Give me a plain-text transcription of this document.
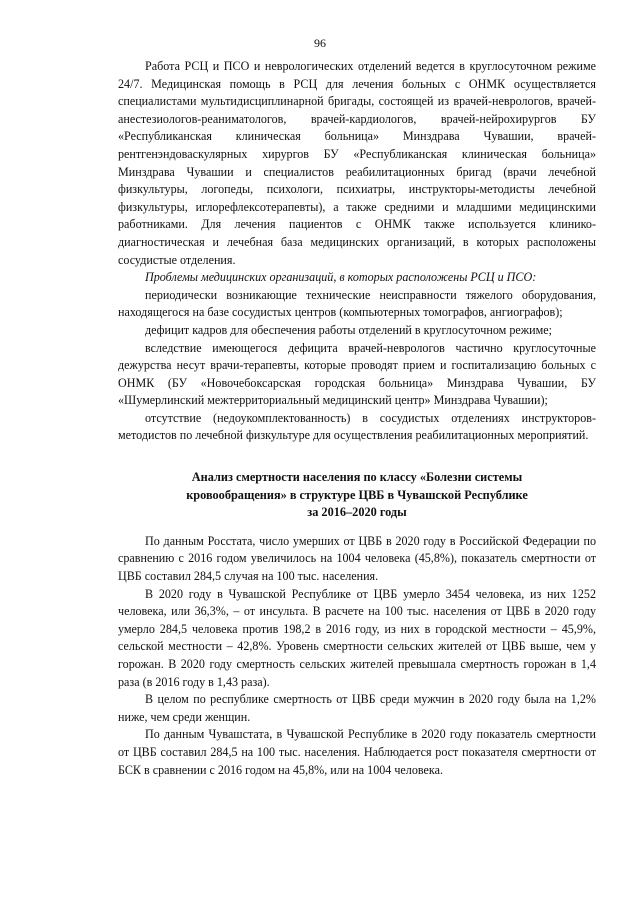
96

Работа РСЦ и ПСО и неврологических отделений ведется в круглосуточном режиме 24/7. Медицинская помощь в РСЦ для лечения больных с ОНМК осуществляется специалистами мультидисциплинарной бригады, состоящей из врачей-неврологов, врачей-анестезиологов-реаниматологов, врачей-кардиологов, врачей-нейрохирургов БУ «Республиканская клиническая больница» Минздрава Чувашии, врачей-рентгенэндоваскулярных хирургов БУ «Республиканская клиническая больница» Минздрава Чувашии и специалистов реабилитационных бригад (врачи лечебной физкультуры, логопеды, психологи, психиатры, инструкторы-методисты лечебной физкультуры, иглорефлексотерапевты), а также средними и младшими медицинскими работниками. Для лечения пациентов с ОНМК также используется клинико-диагностическая и лечебная база медицинских организаций, в которых расположены сосудистые отделения.

Проблемы медицинских организаций, в которых расположены РСЦ и ПСО:

периодически возникающие технические неисправности тяжелого оборудования, находящегося на базе сосудистых центров (компьютерных томографов, ангиографов);

дефицит кадров для обеспечения работы отделений в круглосуточном режиме;

вследствие имеющегося дефицита врачей-неврологов частично круглосуточные дежурства несут врачи-терапевты, которые проводят прием и госпитализацию больных с ОНМК (БУ «Новочебоксарская городская больница» Минздрава Чувашии, БУ «Шумерлинский межтерриториальный медицинский центр» Минздрава Чувашии);

отсутствие (недоукомплектованность) в сосудистых отделениях инструкторов-методистов по лечебной физкультуре для осуществления реабилитационных мероприятий.

Анализ смертности населения по классу «Болезни системы
кровообращения» в структуре ЦВБ в Чувашской Республике
за 2016–2020 годы

По данным Росстата, число умерших от ЦВБ в 2020 году в Российской Федерации по сравнению с 2016 годом увеличилось на 1004 человека (45,8%), показатель смертности от ЦВБ составил 284,5 случая на 100 тыс. населения.

В 2020 году в Чувашской Республике от ЦВБ умерло 3454 человека, из них 1252 человека, или 36,3%, – от инсульта. В расчете на 100 тыс. населения от ЦВБ в 2020 году умерло 284,5 человека против 198,2 в 2016 году, из них в городской местности – 45,9%, сельской местности – 42,8%. Уровень смертности сельских жителей от ЦВБ выше, чем у горожан. В 2020 году смертность сельских жителей превышала смертность горожан в 1,4 раза (в 2016 году в 1,43 раза).

В целом по республике смертность от ЦВБ среди мужчин в 2020 году была на 1,2% ниже, чем среди женщин.

По данным Чувашстата, в Чувашской Республике в 2020 году показатель смертности от ЦВБ составил 284,5 на 100 тыс. населения. Наблюдается рост показателя смертности от БСК в сравнении с 2016 годом на 45,8%, или на 1004 человека.
